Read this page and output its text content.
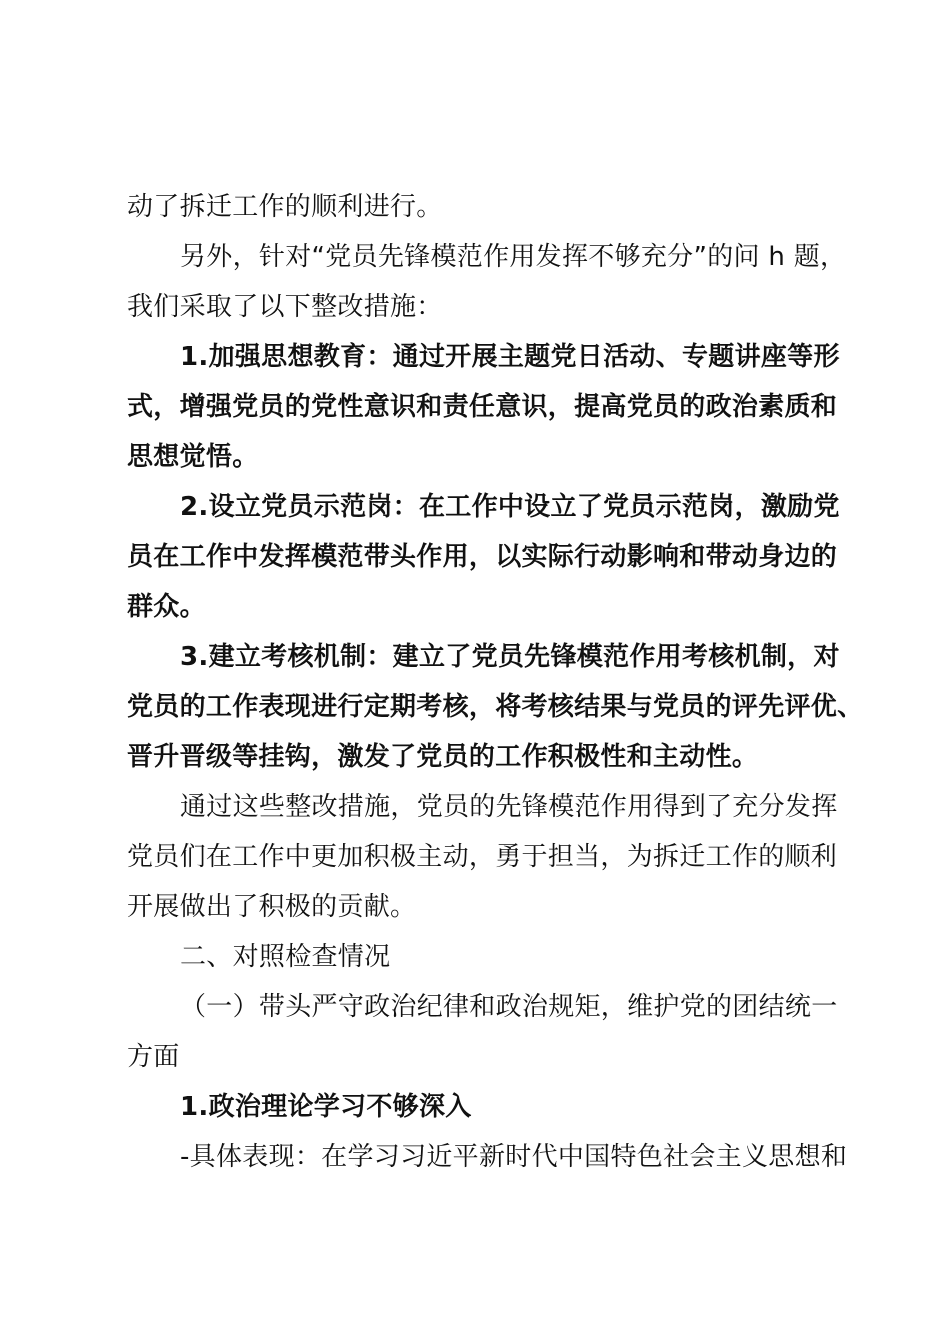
动了拆迁工作的顺利进行。
另外，针对“党员先锋模范作用发挥不够充分”的问 h 题，
我们采取了以下整改措施：
1.加强思想教育：通过开展主题党日活动、专题讲座等形
式，增强党员的党性意识和责任意识，提高党员的政治素质和
思想觉悟。
2.设立党员示范岗：在工作中设立了党员示范岗，激励党
员在工作中发挥模范带头作用，以实际行动影响和带动身边的
群众。
3.建立考核机制：建立了党员先锋模范作用考核机制，对
党员的工作表现进行定期考核，将考核结果与党员的评先评优、
晋升晋级等挂钩，激发了党员的工作积极性和主动性。
通过这些整改措施，党员的先锋模范作用得到了充分发挥
党员们在工作中更加积极主动，勇于担当，为拆迁工作的顺利
开展做出了积极的贡献。
二、对照检查情况
（一）带头严守政治纪律和政治规矩，维护党的团结统一
方面
1.政治理论学习不够深入
-具体表现：在学习习近平新时代中国特色社会主义思想和
